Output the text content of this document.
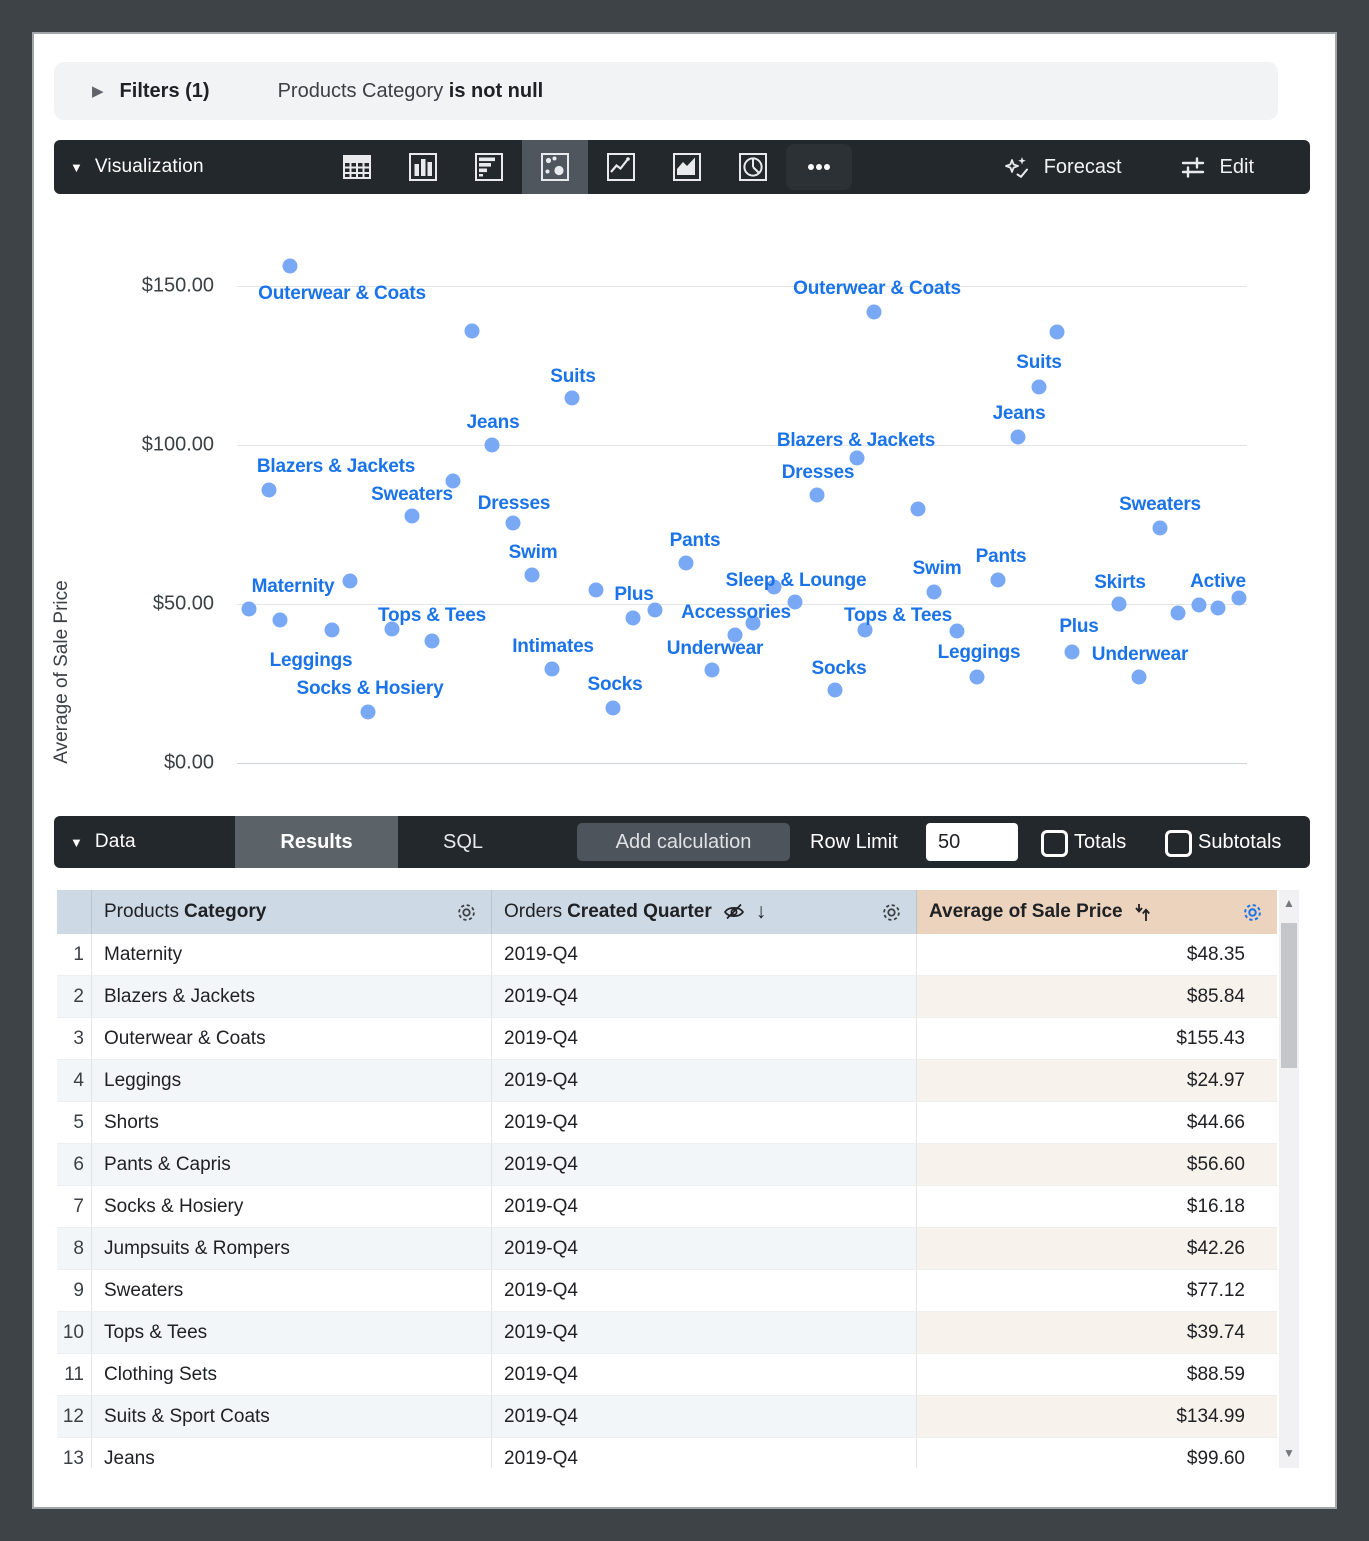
▶ Filters (1)	Products Category is not null
▼ Visualization	Forecast	Edit
Average of Sale Price
$150.00
$100.00
$50.00
$0.00
Outerwear & Coats
Suits
Jeans
Blazers & Jackets
Sweaters Dresses
Swim
Maternity
Tops & Tees
Leggings
Socks & Hosiery
Intimates
Socks
Plus
Pants
Sleep & Lounge
Accessories
Underwear
Socks
Tops & Tees
Leggings
Swim
Pants
Outerwear & Coats
Suits
Jeans
Blazers & Jackets
Dresses
Sweaters
Skirts Active
Plus
Underwear
▼ Data	Results	SQL	Add calculation	Row Limit
50	Totals	Subtotals
Products Category	Orders Created Quarter ↓	Average of Sale Price
1	Maternity	2019-Q4	$48.35
2	Blazers & Jackets	2019-Q4	$85.84
3	Outerwear & Coats	2019-Q4	$155.43
4	Leggings	2019-Q4	$24.97
5	Shorts	2019-Q4	$44.66
6	Pants & Capris	2019-Q4	$56.60
7	Socks & Hosiery	2019-Q4	$16.18
8	Jumpsuits & Rompers	2019-Q4	$42.26
9	Sweaters	2019-Q4	$77.12
10	Tops & Tees	2019-Q4	$39.74
11	Clothing Sets	2019-Q4	$88.59
12	Suits & Sport Coats	2019-Q4	$134.99
13	Jeans	2019-Q4	$99.60
▲
▼
